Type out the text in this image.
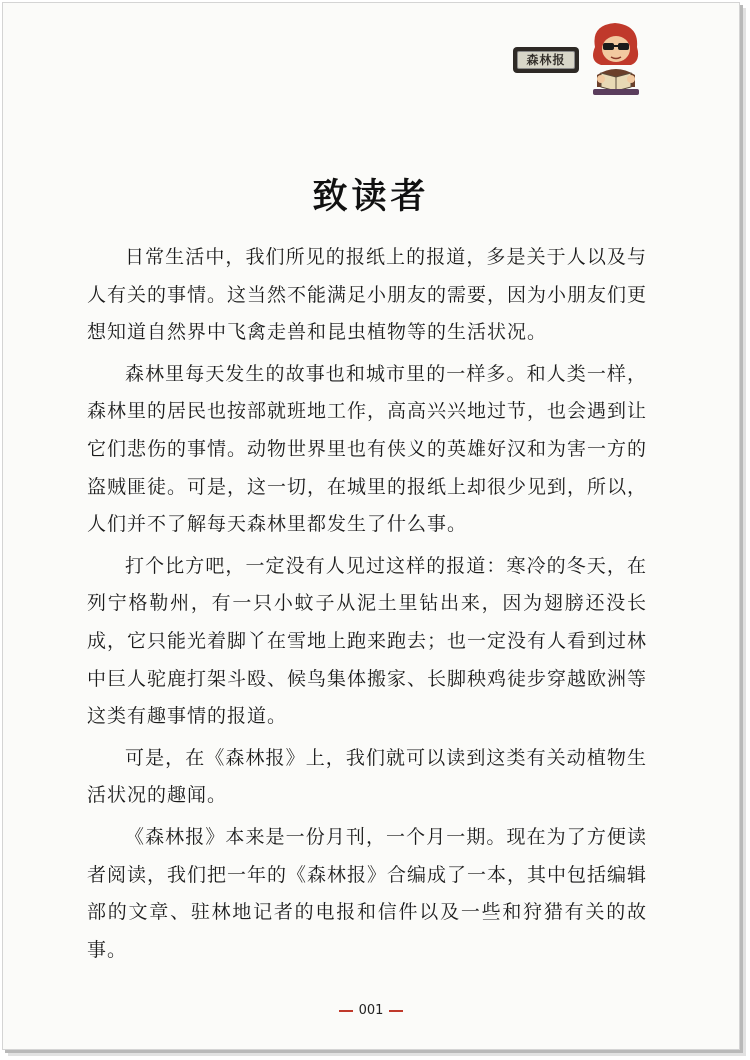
森林报
致读者

日常生活中，我们所见的报纸上的报道，多是关于人以及与人有关的事情。这当然不能满足小朋友的需要，因为小朋友们更想知道自然界中飞禽走兽和昆虫植物等的生活状况。

森林里每天发生的故事也和城市里的一样多。和人类一样，森林里的居民也按部就班地工作，高高兴兴地过节，也会遇到让它们悲伤的事情。动物世界里也有侠义的英雄好汉和为害一方的盗贼匪徒。可是，这一切，在城里的报纸上却很少见到，所以，人们并不了解每天森林里都发生了什么事。

打个比方吧，一定没有人见过这样的报道：寒冷的冬天，在列宁格勒州，有一只小蚊子从泥土里钻出来，因为翅膀还没长成，它只能光着脚丫在雪地上跑来跑去；也一定没有人看到过林中巨人驼鹿打架斗殴、候鸟集体搬家、长脚秧鸡徒步穿越欧洲等这类有趣事情的报道。

可是，在《森林报》上，我们就可以读到这类有关动植物生活状况的趣闻。

《森林报》本来是一份月刊，一个月一期。现在为了方便读者阅读，我们把一年的《森林报》合编成了一本，其中包括编辑部的文章、驻林地记者的电报和信件以及一些和狩猎有关的故事。

001
